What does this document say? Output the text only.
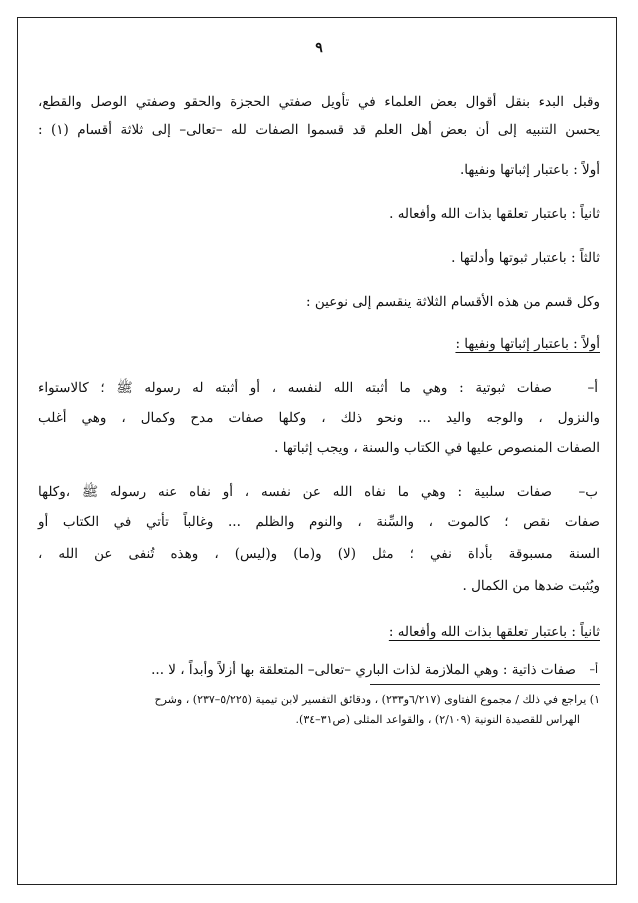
٩
وقبل البدء بنقل أقوال بعض العلماء في تأويل صفتي الحجزة والحقو وصفتي الوصل والقطع،
يحسن التنبيه إلى أن بعض أهل العلم قد قسموا الصفات لله –تعالى– إلى ثلاثة أقسام (١) :
أولاً : باعتبار إثباتها ونفيها.
ثانياً : باعتبار تعلقها بذات الله وأفعاله .
ثالثاً : باعتبار ثبوتها وأدلتها .
وكل قسم من هذه الأقسام الثلاثة ينقسم إلى نوعين :
أولاً : باعتبار إثباتها ونفيها :
أ–
صفات ثبوتية : وهي ما أثبته الله لنفسه ، أو أثبته له رسوله ﷺ ؛ كالاستواء
والنزول ، والوجه واليد ... ونحو ذلك ، وكلها صفات مدح وكمال ، وهي أغلب
الصفات المنصوص عليها في الكتاب والسنة ، ويجب إثباتها .
ب–
صفات سلبية : وهي ما نفاه الله عن نفسه ، أو نفاه عنه رسوله ﷺ ،وكلها
صفات نقص ؛ كالموت ، والسِّنة ، والنوم والظلم ... وغالباً تأتي في الكتاب أو
السنة مسبوقة بأداة نفي ؛ مثل (لا) و(ما) و(ليس) ، وهذه تُنفى عن الله ،
ويُثبت ضدها من الكمال .
ثانياً : باعتبار تعلقها بذات الله وأفعاله :
أ–
صفات ذاتية : وهي الملازمة لذات الباري –تعالى– المتعلقة بها أزلاً وأبداً ، لا ...
١) يراجع في ذلك / مجموع الفتاوى (٦/٢١٧و٢٣٣) ، ودقائق التفسير لابن تيمية (٥/٢٢٥–٢٣٧) ، وشرح
الهراس للقصيدة النونية (٢/١٠٩) ، والقواعد المثلى (ص٣١–٣٤).
